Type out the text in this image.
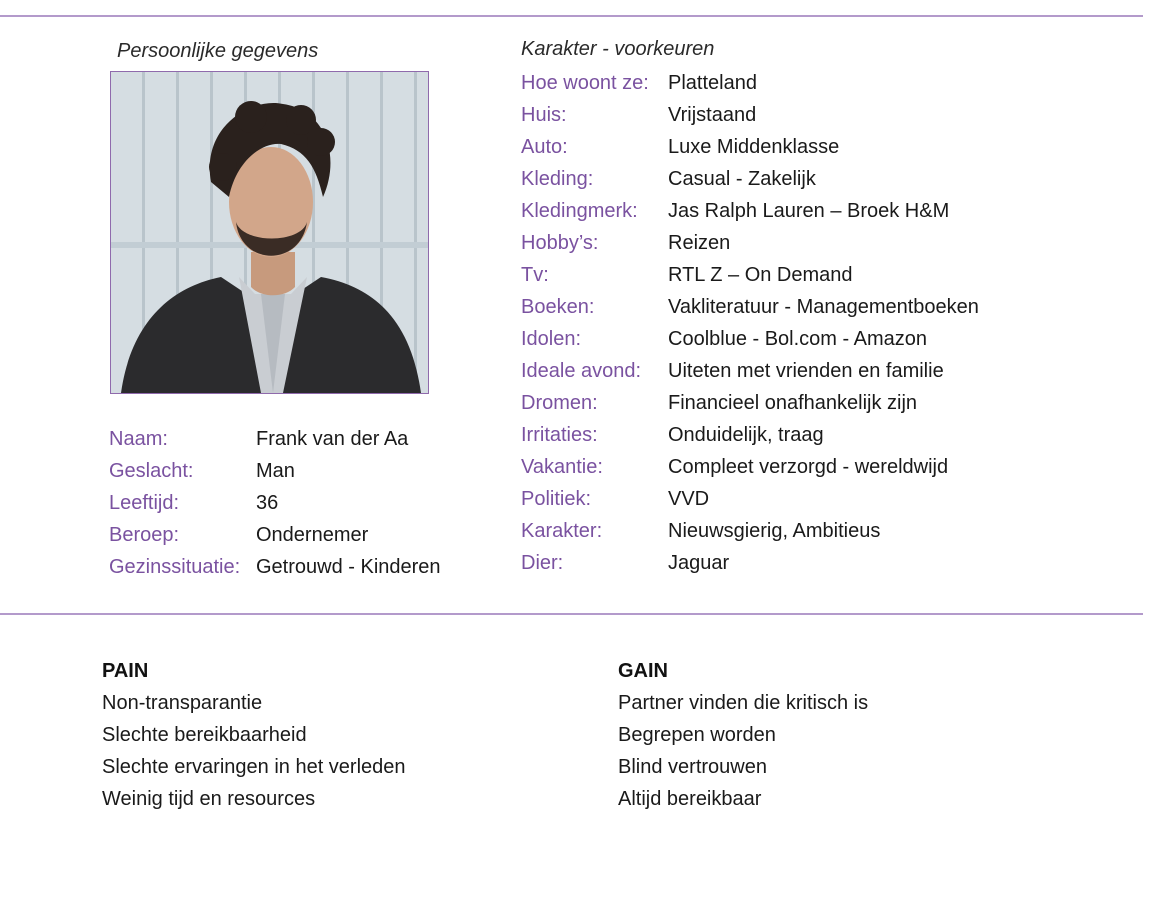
Persoonlijke gegevens	Karakter - voorkeuren
Naam:	Frank van der Aa
Geslacht:	Man
Leeftijd:	36
Beroep:	Ondernemer
Gezinssituatie: Getrouwd - Kinderen
Hoe woont ze: Platteland
Huis:	Vrijstaand
Auto:	Luxe Middenklasse
Kleding:	Casual - Zakelijk
Kledingmerk:	Jas Ralph Lauren – Broek H&M
Hobby’s:	Reizen
Tv:	RTL Z – On Demand
Boeken:	Vakliteratuur - Managementboeken
Idolen:	Coolblue - Bol.com - Amazon
Ideale avond:	Uiteten met vrienden en familie
Dromen:	Financieel onafhankelijk zijn
Irritaties:	Onduidelijk, traag
Vakantie:	Compleet verzorgd - wereldwijd
Politiek:	VVD
Karakter:	Nieuwsgierig, Ambitieus
Dier:	Jaguar
PAIN
Non-transparantie
Slechte bereikbaarheid
Slechte ervaringen in het verleden
Weinig tijd en resources
GAIN
Partner vinden die kritisch is
Begrepen worden
Blind vertrouwen
Altijd bereikbaar
